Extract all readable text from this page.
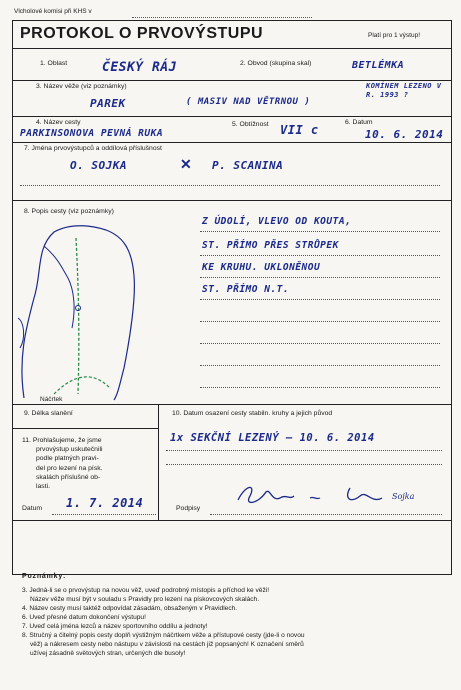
Vlcholové komisi při KHS v
PROTOKOL O PRVOVÝSTUPU	Platí pro 1 výstup!
1. Oblast	ČESKÝ RÁJ	2. Obvod (skupina skal)	BETLÉMKA
3. Název věže (viz poznámky)
PAREK	( MASIV NAD VĚTRNOU )
KOMÍNEM LEZENO V R. 1993 ?
4. Název cesty
PARKINSONOVA PEVNÁ RUKA
5. Obtížnost VII c
6. Datum
10. 6. 2014
7. Jména prvovýstupců a oddílová příslušnost
O. SOJKA	✕ P. SCANINA
8. Popis cesty (viz poznámky)
Náčrtek
Z ÚDOLÍ, VLEVO OD KOUTA,
ST. PŘÍMO PŘES STRŮPEK
KE KRUHU. UKLONĚNOU
ST. PŘÍMO N.T.
9. Délka slanění	10. Datum osazení cesty stabiln. kruhy a jejich původ
1x SEKČNÍ LEZENÝ – 10. 6. 2014
11. Prohlašujeme, že jsme
prvovýstup uskutečnili
podle platných pravi-
del pro lezení na písk.
skalách příslušné ob-
lasti.
Datum 1. 7. 2014	Podpisy
Sojka
Poznámky:
3. Jedná-li se o prvovýstup na novou věž, uveď podrobný místopis a příchod ke věži!
Název věže musí být v souladu s Pravidly pro lezení na pískovcových skalách.
4. Název cesty musí taktéž odpovídat zásadám, obsaženým v Pravidlech.
6. Uveď přesné datum dokončení výstupu!
7. Uveď celá jména lezců a název sportovního oddílu a jednoty!
8. Stručný a čitelný popis cesty doplň výstižným náčrtkem věže a přístupové cesty (jde-li o novou
věž) a nákresem cesty nebo nástupu v závislosti na cestách již popsaných! K označení směrů
užívej zásadně světových stran, určených dle busoly!
